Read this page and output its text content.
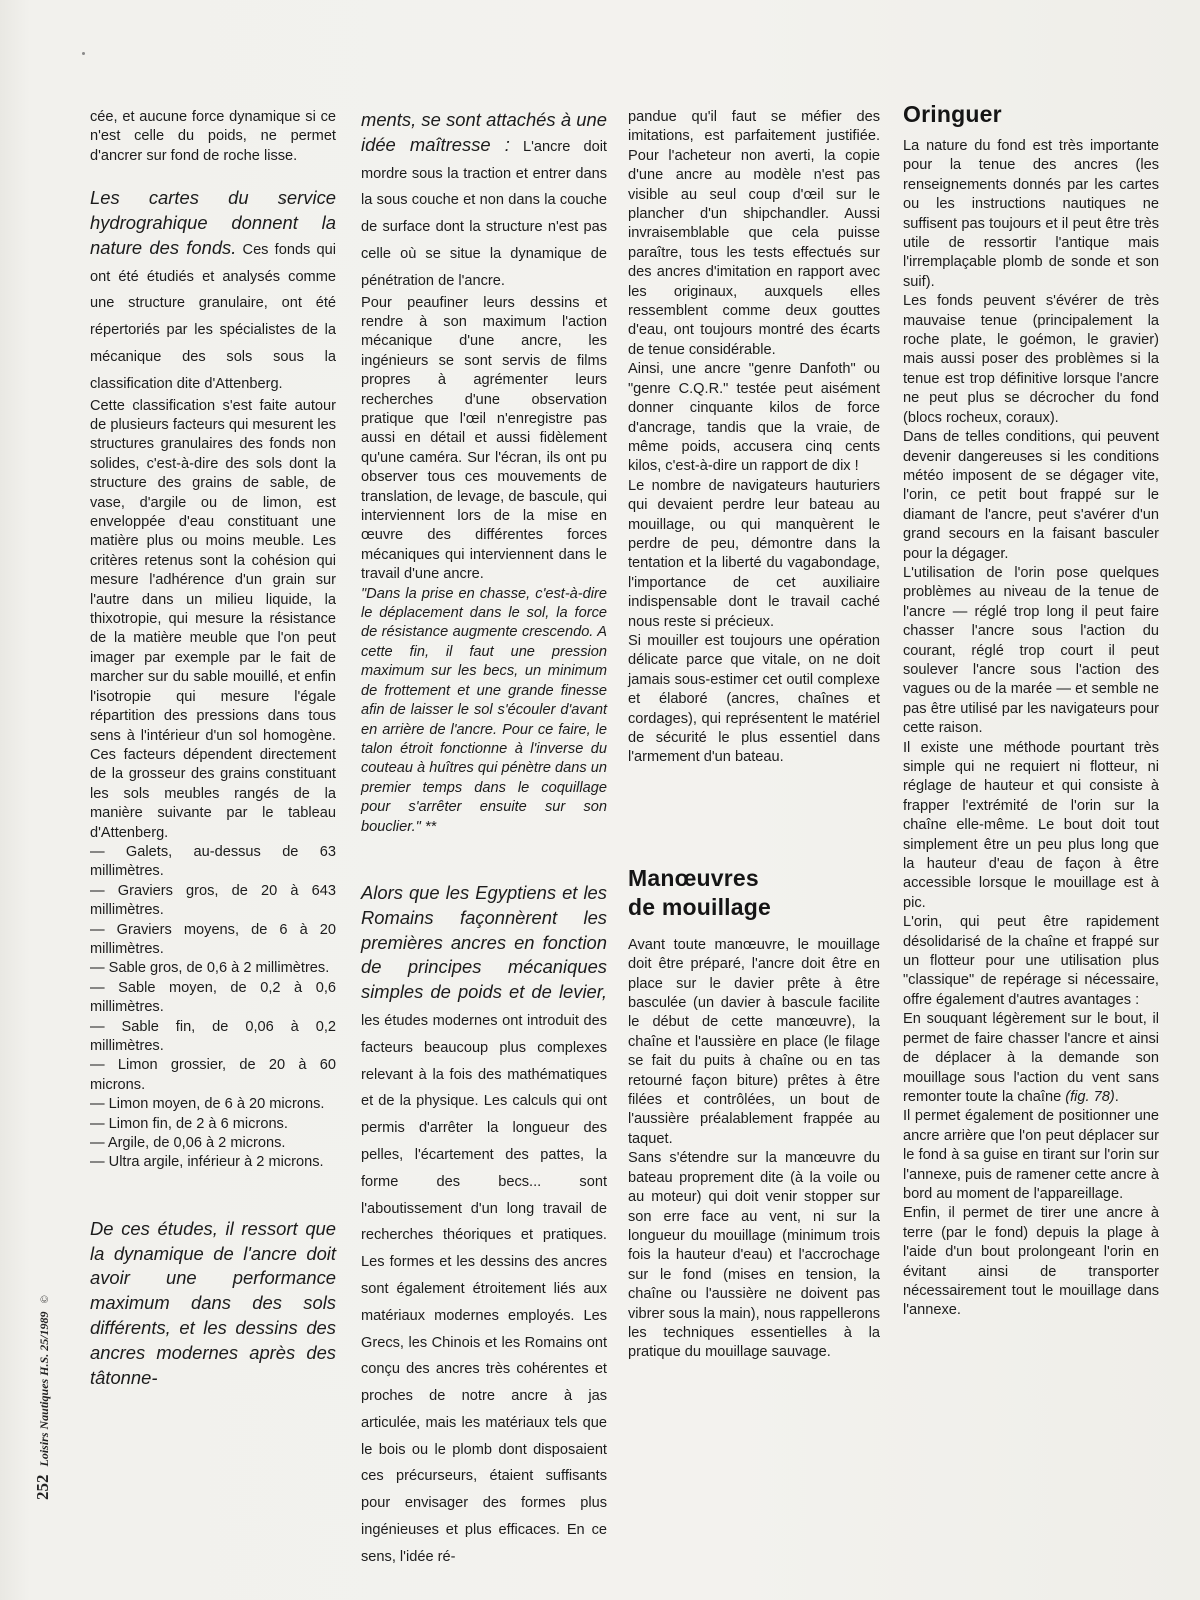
cée, et aucune force dynamique si ce n'est celle du poids, ne permet d'ancrer sur fond de roche lisse.

Les cartes du service hydrograhique donnent la nature des fonds. Ces fonds qui ont été étudiés et analysés comme une structure granulaire, ont été répertoriés par les spécialistes de la mécanique des sols sous la classification dite d'Attenberg.

Cette classification s'est faite autour de plusieurs facteurs qui mesurent les structures granulaires des fonds non solides, c'est-à-dire des sols dont la structure des grains de sable, de vase, d'argile ou de limon, est enveloppée d'eau constituant une matière plus ou moins meuble. Les critères retenus sont la cohésion qui mesure l'adhérence d'un grain sur l'autre dans un milieu liquide, la thixotropie, qui mesure la résistance de la matière meuble que l'on peut imager par exemple par le fait de marcher sur du sable mouillé, et enfin l'isotropie qui mesure l'égale répartition des pressions dans tous sens à l'intérieur d'un sol homogène. Ces facteurs dépendent directement de la grosseur des grains constituant les sols meubles rangés de la manière suivante par le tableau d'Attenberg.

— Galets, au-dessus de 63 millimètres.

— Graviers gros, de 20 à 643 millimètres.

— Graviers moyens, de 6 à 20 millimètres.

— Sable gros, de 0,6 à 2 millimètres.

— Sable moyen, de 0,2 à 0,6 millimètres.

— Sable fin, de 0,06 à 0,2 millimètres.

— Limon grossier, de 20 à 60 microns.

— Limon moyen, de 6 à 20 microns.

— Limon fin, de 2 à 6 microns.

— Argile, de 0,06 à 2 microns.

— Ultra argile, inférieur à 2 microns.

De ces études, il ressort que la dynamique de l'ancre doit avoir une performance maximum dans des sols différents, et les dessins des ancres modernes après des tâtonne-

ments, se sont attachés à une idée maîtresse : L'ancre doit mordre sous la traction et entrer dans la sous couche et non dans la couche de surface dont la structure n'est pas celle où se situe la dynamique de pénétration de l'ancre.

Pour peaufiner leurs dessins et rendre à son maximum l'action mécanique d'une ancre, les ingénieurs se sont servis de films propres à agrémenter leurs recherches d'une observation pratique que l'œil n'enregistre pas aussi en détail et aussi fidèlement qu'une caméra. Sur l'écran, ils ont pu observer tous ces mouvements de translation, de levage, de bascule, qui interviennent lors de la mise en œuvre des différentes forces mécaniques qui interviennent dans le travail d'une ancre.

"Dans la prise en chasse, c'est-à-dire le déplacement dans le sol, la force de résistance augmente crescendo. A cette fin, il faut une pression maximum sur les becs, un minimum de frottement et une grande finesse afin de laisser le sol s'écouler d'avant en arrière de l'ancre. Pour ce faire, le talon étroit fonctionne à l'inverse du couteau à huîtres qui pénètre dans un premier temps dans le coquillage pour s'arrêter ensuite sur son bouclier." **

Alors que les Egyptiens et les Romains façonnèrent les premières ancres en fonction de principes mécaniques simples de poids et de levier, les études modernes ont introduit des facteurs beaucoup plus complexes relevant à la fois des mathématiques et de la physique. Les calculs qui ont permis d'arrêter la longueur des pelles, l'écartement des pattes, la forme des becs... sont l'aboutissement d'un long travail de recherches théoriques et pratiques. Les formes et les dessins des ancres sont également étroitement liés aux matériaux modernes employés. Les Grecs, les Chinois et les Romains ont conçu des ancres très cohérentes et proches de notre ancre à jas articulée, mais les matériaux tels que le bois ou le plomb dont disposaient ces précurseurs, étaient suffisants pour envisager des formes plus ingénieuses et plus efficaces. En ce sens, l'idée ré-

pandue qu'il faut se méfier des imitations, est parfaitement justifiée. Pour l'acheteur non averti, la copie d'une ancre au modèle n'est pas visible au seul coup d'œil sur le plancher d'un shipchandler. Aussi invraisemblable que cela puisse paraître, tous les tests effectués sur des ancres d'imitation en rapport avec les originaux, auxquels elles ressemblent comme deux gouttes d'eau, ont toujours montré des écarts de tenue considérable.

Ainsi, une ancre "genre Danfoth" ou "genre C.Q.R." testée peut aisément donner cinquante kilos de force d'ancrage, tandis que la vraie, de même poids, accusera cinq cents kilos, c'est-à-dire un rapport de dix !

Le nombre de navigateurs hauturiers qui devaient perdre leur bateau au mouillage, ou qui manquèrent le perdre de peu, démontre dans la tentation et la liberté du vagabondage, l'importance de cet auxiliaire indispensable dont le travail caché nous reste si précieux.

Si mouiller est toujours une opération délicate parce que vitale, on ne doit jamais sous-estimer cet outil complexe et élaboré (ancres, chaînes et cordages), qui représentent le matériel de sécurité le plus essentiel dans l'armement d'un bateau.

Manœuvres
de mouillage

Avant toute manœuvre, le mouillage doit être préparé, l'ancre doit être en place sur le davier prête à être basculée (un davier à bascule facilite le début de cette manœuvre), la chaîne et l'aussière en place (le filage se fait du puits à chaîne ou en tas retourné façon biture) prêtes à être filées et contrôlées, un bout de l'aussière préalablement frappée au taquet.

Sans s'étendre sur la manœuvre du bateau proprement dite (à la voile ou au moteur) qui doit venir stopper sur son erre face au vent, ni sur la longueur du mouillage (minimum trois fois la hauteur d'eau) et l'accrochage sur le fond (mises en tension, la chaîne ou l'aussière ne doivent pas vibrer sous la main), nous rappellerons les techniques essentielles à la pratique du mouillage sauvage.

Oringuer

La nature du fond est très importante pour la tenue des ancres (les renseignements donnés par les cartes ou les instructions nautiques ne suffisent pas toujours et il peut être très utile de ressortir l'antique mais l'irremplaçable plomb de sonde et son suif).

Les fonds peuvent s'évérer de très mauvaise tenue (principalement la roche plate, le goémon, le gravier) mais aussi poser des problèmes si la tenue est trop définitive lorsque l'ancre ne peut plus se décrocher du fond (blocs rocheux, coraux).

Dans de telles conditions, qui peuvent devenir dangereuses si les conditions météo imposent de se dégager vite, l'orin, ce petit bout frappé sur le diamant de l'ancre, peut s'avérer d'un grand secours en la faisant basculer pour la dégager.

L'utilisation de l'orin pose quelques problèmes au niveau de la tenue de l'ancre — réglé trop long il peut faire chasser l'ancre sous l'action du courant, réglé trop court il peut soulever l'ancre sous l'action des vagues ou de la marée — et semble ne pas être utilisé par les navigateurs pour cette raison.

Il existe une méthode pourtant très simple qui ne requiert ni flotteur, ni réglage de hauteur et qui consiste à frapper l'extrémité de l'orin sur la chaîne elle-même. Le bout doit tout simplement être un peu plus long que la hauteur d'eau de façon à être accessible lorsque le mouillage est à pic.

L'orin, qui peut être rapidement désolidarisé de la chaîne et frappé sur un flotteur pour une utilisation plus "classique" de repérage si nécessaire, offre également d'autres avantages :

En souquant légèrement sur le bout, il permet de faire chasser l'ancre et ainsi de déplacer à la demande son mouillage sous l'action du vent sans remonter toute la chaîne (fig. 78).

Il permet également de positionner une ancre arrière que l'on peut déplacer sur le fond à sa guise en tirant sur l'orin sur l'annexe, puis de ramener cette ancre à bord au moment de l'appareillage.

Enfin, il permet de tirer une ancre à terre (par le fond) depuis la plage à l'aide d'un bout prolongeant l'orin en évitant ainsi de transporter nécessairement tout le mouillage dans l'annexe.

252Loisirs Nautiques H.S. 25/1989©
